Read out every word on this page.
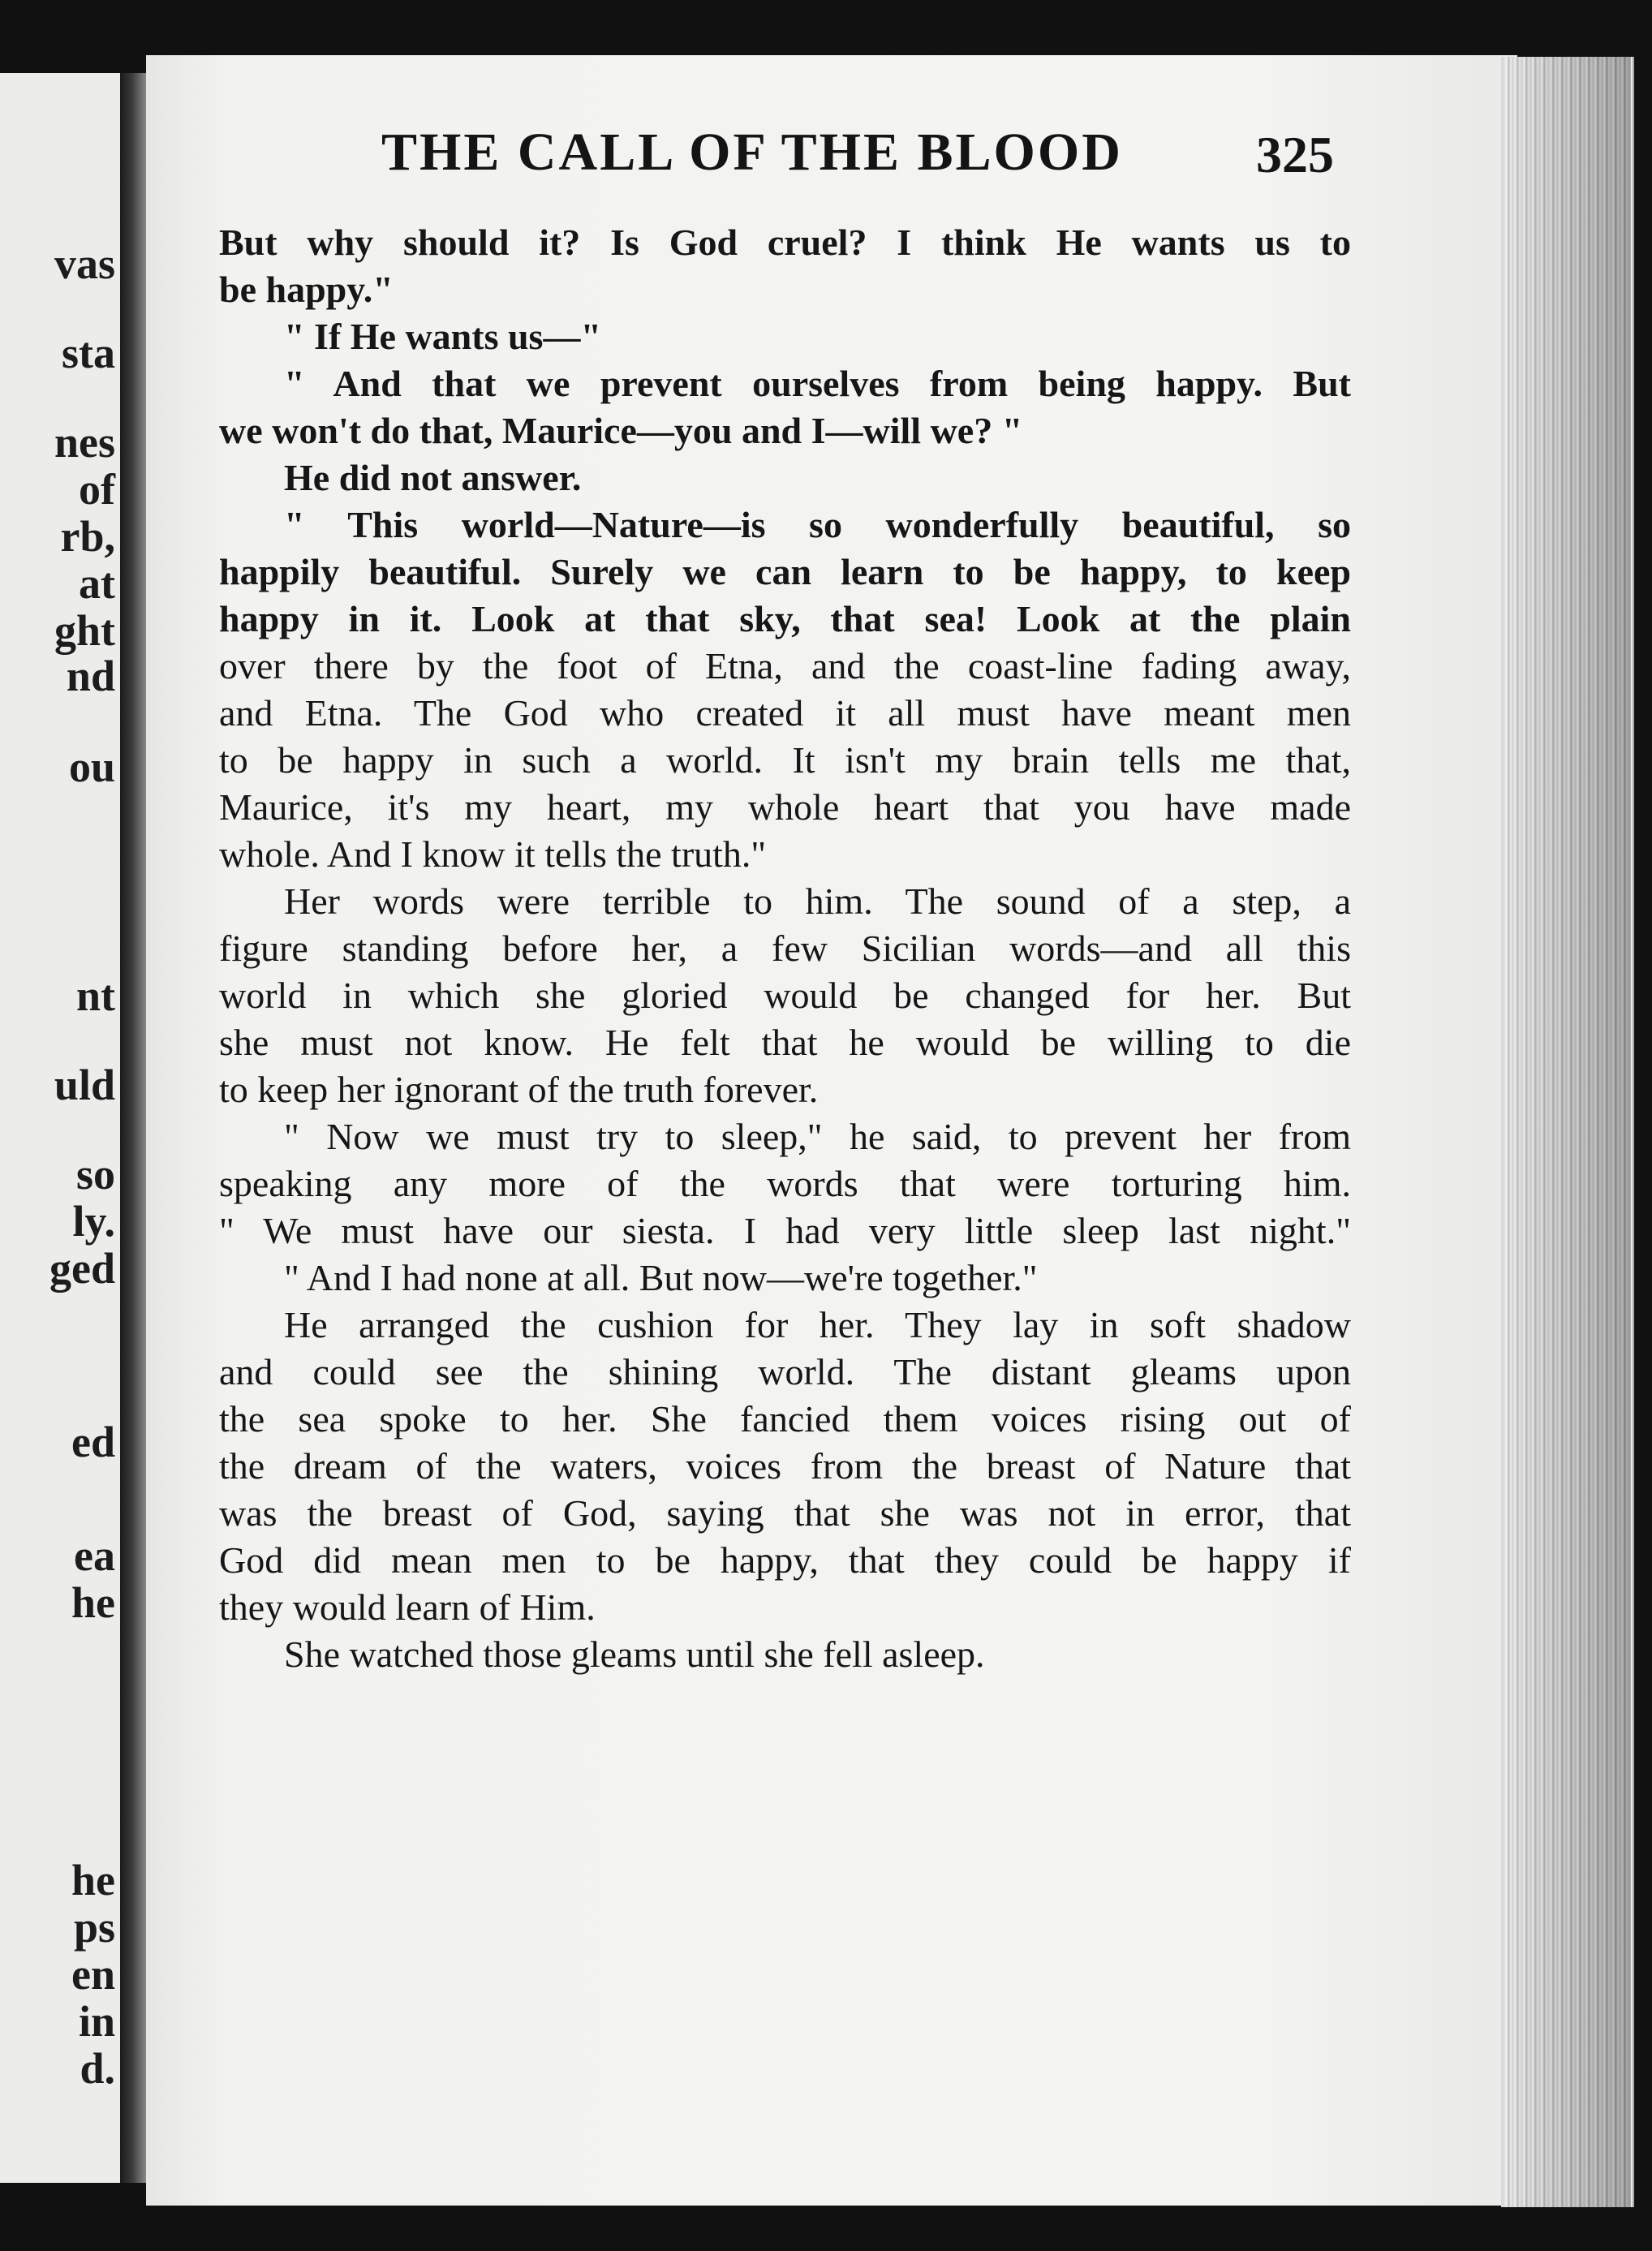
vas
sta
nes
of
rb,
at
ght
nd
ou
nt
uld
so
ly.
ged
ed
ea
he
he
ps
en
in
d.
THE CALL OF THE BLOOD	325
But why should it? Is God cruel? I think He wants us to
be happy."
" If He wants us—"
" And that we prevent ourselves from being happy. But
we won't do that, Maurice—you and I—will we? "
He did not answer.
" This world—Nature—is so wonderfully beautiful, so
happily beautiful. Surely we can learn to be happy, to keep
happy in it. Look at that sky, that sea! Look at the plain
over there by the foot of Etna, and the coast-line fading away,
and Etna. The God who created it all must have meant men
to be happy in such a world. It isn't my brain tells me that,
Maurice, it's my heart, my whole heart that you have made
whole. And I know it tells the truth."
Her words were terrible to him. The sound of a step, a
figure standing before her, a few Sicilian words—and all this
world in which she gloried would be changed for her. But
she must not know. He felt that he would be willing to die
to keep her ignorant of the truth forever.
" Now we must try to sleep," he said, to prevent her from
speaking any more of the words that were torturing him.
" We must have our siesta. I had very little sleep last night."
" And I had none at all. But now—we're together."
He arranged the cushion for her. They lay in soft shadow
and could see the shining world. The distant gleams upon
the sea spoke to her. She fancied them voices rising out of
the dream of the waters, voices from the breast of Nature that
was the breast of God, saying that she was not in error, that
God did mean men to be happy, that they could be happy if
they would learn of Him.
She watched those gleams until she fell asleep.
